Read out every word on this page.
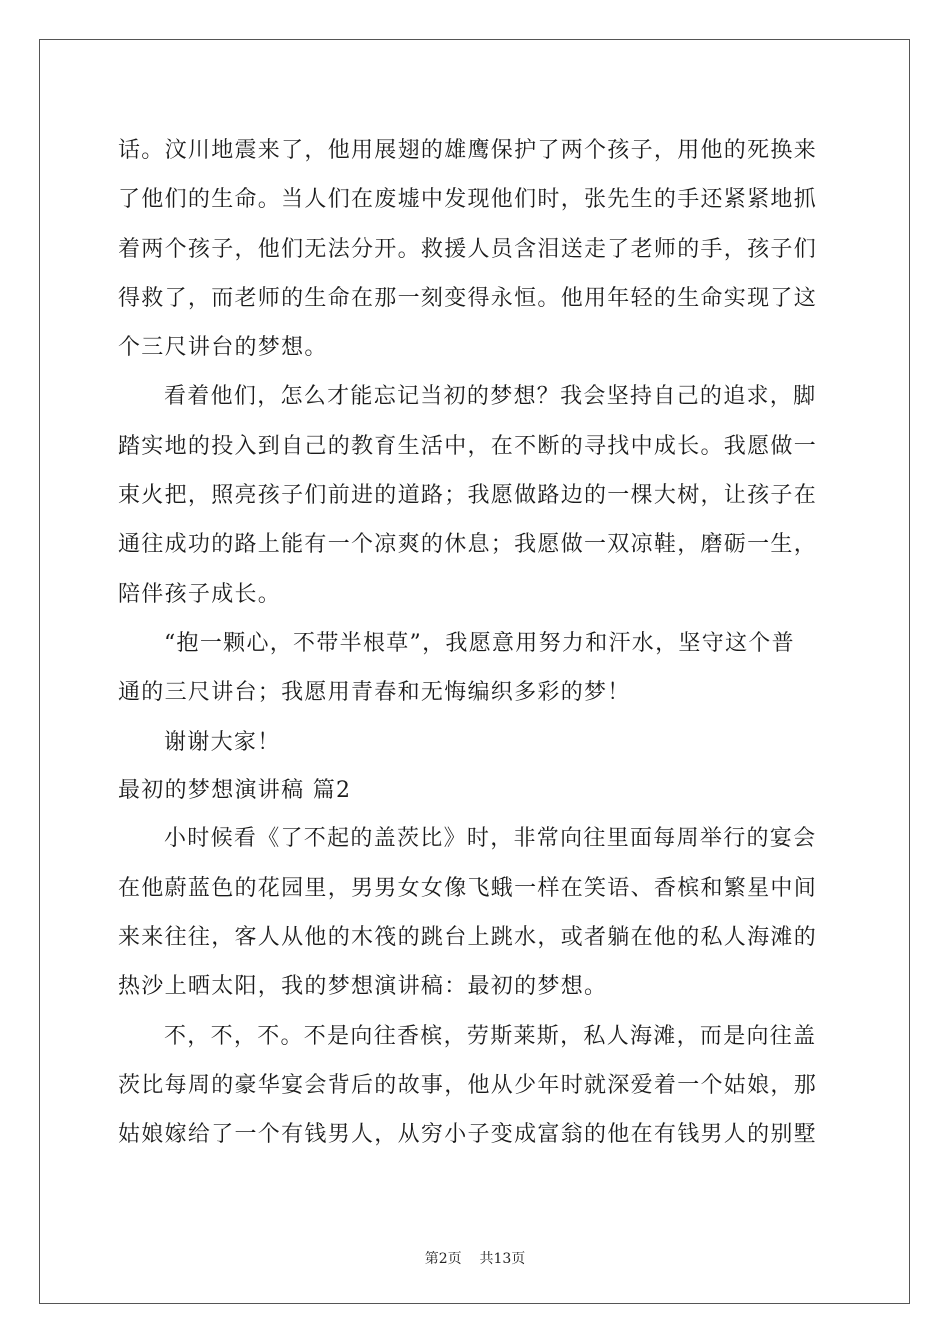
话。汶川地震来了，他用展翅的雄鹰保护了两个孩子，用他的死换来
了他们的生命。当人们在废墟中发现他们时，张先生的手还紧紧地抓
着两个孩子，他们无法分开。救援人员含泪送走了老师的手，孩子们
得救了，而老师的生命在那一刻变得永恒。他用年轻的生命实现了这
个三尺讲台的梦想。
看着他们，怎么才能忘记当初的梦想？我会坚持自己的追求，脚
踏实地的投入到自己的教育生活中，在不断的寻找中成长。我愿做一
束火把，照亮孩子们前进的道路；我愿做路边的一棵大树，让孩子在
通往成功的路上能有一个凉爽的休息；我愿做一双凉鞋，磨砺一生，
陪伴孩子成长。
“抱一颗心，不带半根草”，我愿意用努力和汗水，坚守这个普
通的三尺讲台；我愿用青春和无悔编织多彩的梦！
谢谢大家！
最初的梦想演讲稿 篇2
小时候看《了不起的盖茨比》时，非常向往里面每周举行的宴会
在他蔚蓝色的花园里，男男女女像飞蛾一样在笑语、香槟和繁星中间
来来往往，客人从他的木筏的跳台上跳水，或者躺在他的私人海滩的
热沙上晒太阳，我的梦想演讲稿：最初的梦想。
不，不，不。不是向往香槟，劳斯莱斯，私人海滩，而是向往盖
茨比每周的豪华宴会背后的故事，他从少年时就深爱着一个姑娘，那
姑娘嫁给了一个有钱男人，从穷小子变成富翁的他在有钱男人的别墅
第2页 共13页
